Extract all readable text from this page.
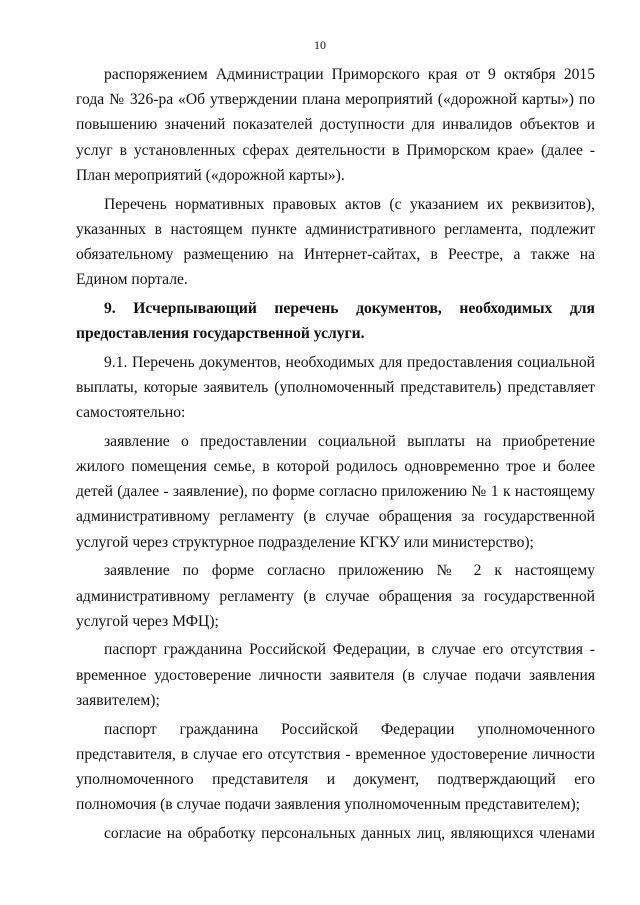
10

распоряжением Администрации Приморского края от 9 октября 2015 года № 326-ра «Об утверждении плана мероприятий («дорожной карты») по повышению значений показателей доступности для инвалидов объектов и услуг в установленных сферах деятельности в Приморском крае» (далее - План мероприятий («дорожной карты»).

Перечень нормативных правовых актов (с указанием их реквизитов), указанных в настоящем пункте административного регламента, подлежит обязательному размещению на Интернет-сайтах, в Реестре, а также на Едином портале.

9. Исчерпывающий перечень документов, необходимых для
предоставления государственной услуги.

9.1. Перечень документов, необходимых для предоставления социальной выплаты, которые заявитель (уполномоченный представитель) представляет самостоятельно:

заявление о предоставлении социальной выплаты на приобретение жилого помещения семье, в которой родилось одновременно трое и более детей (далее - заявление), по форме согласно приложению № 1 к настоящему административному регламенту (в случае обращения за государственной услугой через структурное подразделение КГКУ или министерство);

заявление по форме согласно приложению № 2 к настоящему административному регламенту (в случае обращения за государственной услугой через МФЦ);

паспорт гражданина Российской Федерации, в случае его отсутствия - временное удостоверение личности заявителя (в случае подачи заявления заявителем);

паспорт гражданина Российской Федерации уполномоченного представителя, в случае его отсутствия - временное удостоверение личности уполномоченного представителя и документ, подтверждающий его полномочия (в случае подачи заявления уполномоченным представителем);

согласие на обработку персональных данных лиц, являющихся членами
